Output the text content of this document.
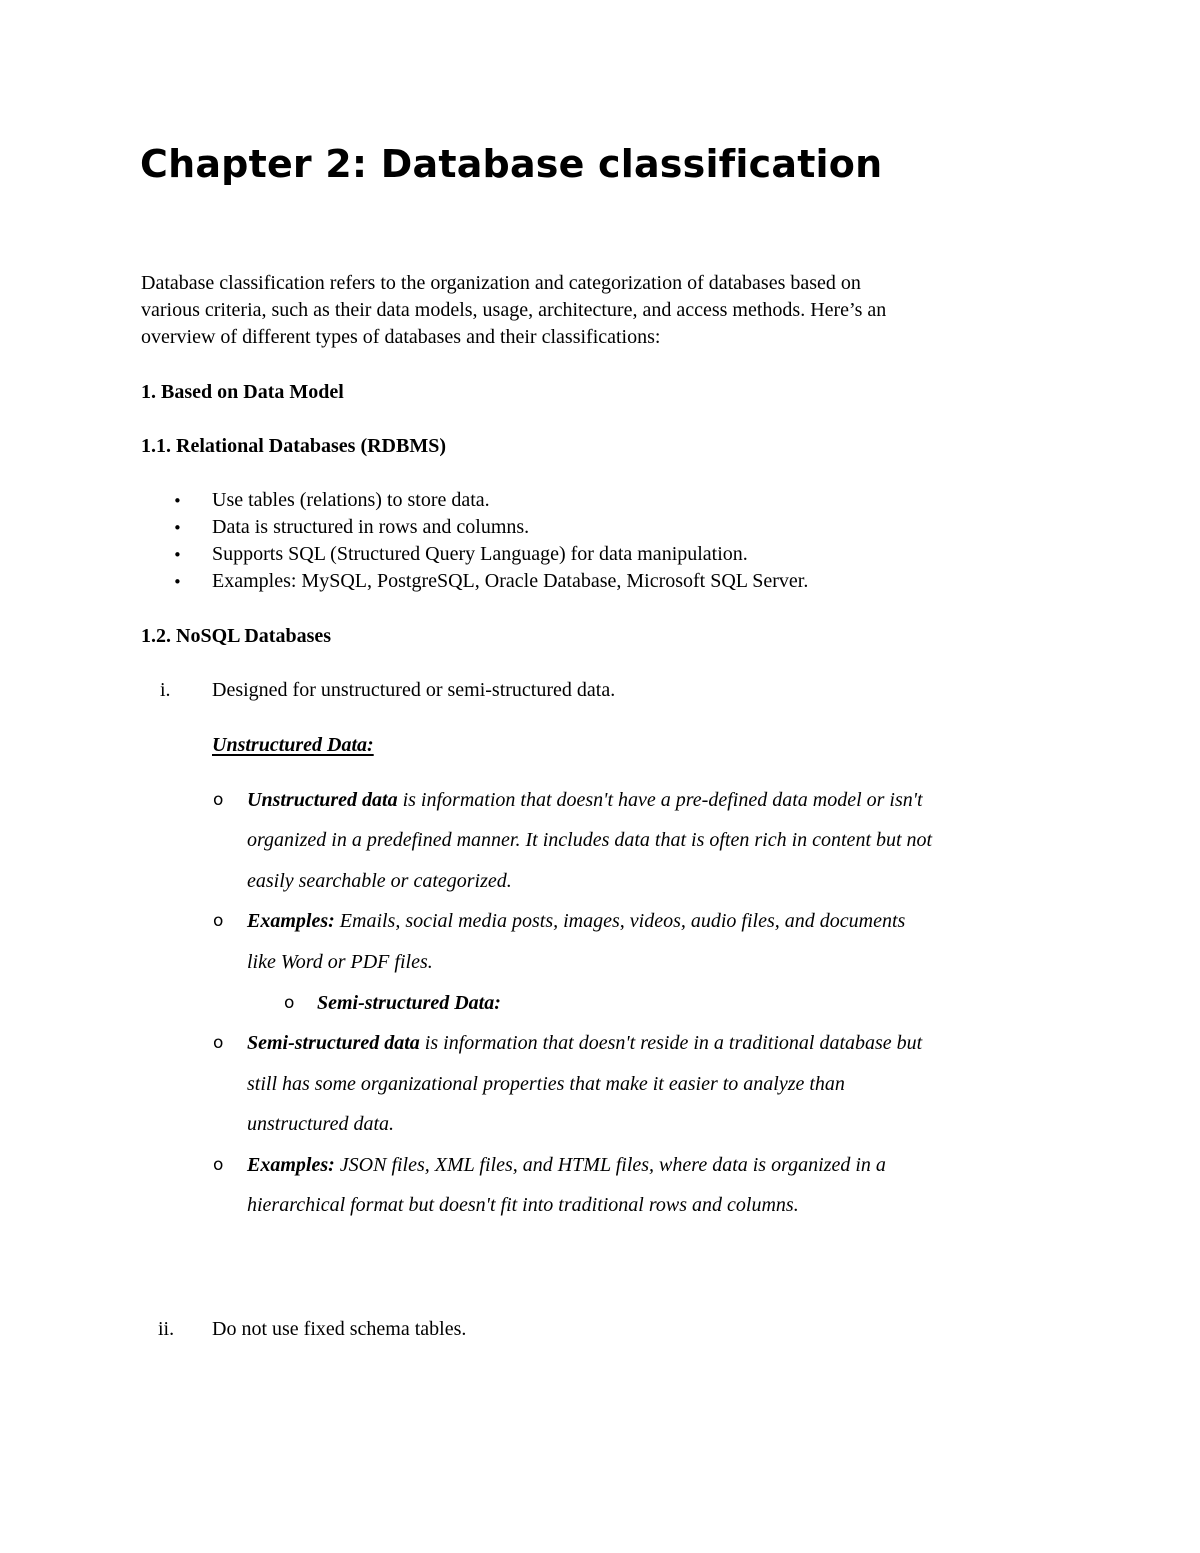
Chapter 2: Database classification
Database classification refers to the organization and categorization of databases based on
various criteria, such as their data models, usage, architecture, and access methods. Here’s an
overview of different types of databases and their classifications:
1. Based on Data Model
1.1. Relational Databases (RDBMS)
• Use tables (relations) to store data.
• Data is structured in rows and columns.
• Supports SQL (Structured Query Language) for data manipulation.
• Examples: MySQL, PostgreSQL, Oracle Database, Microsoft SQL Server.
1.2. NoSQL Databases
i. Designed for unstructured or semi-structured data.
Unstructured Data:
o Unstructured data is information that doesn't have a pre-defined data model or isn't
organized in a predefined manner. It includes data that is often rich in content but not
easily searchable or categorized.
o Examples: Emails, social media posts, images, videos, audio files, and documents
like Word or PDF files.
o Semi-structured Data:
o Semi-structured data is information that doesn't reside in a traditional database but
still has some organizational properties that make it easier to analyze than
unstructured data.
o Examples: JSON files, XML files, and HTML files, where data is organized in a
hierarchical format but doesn't fit into traditional rows and columns.
ii. Do not use fixed schema tables.
